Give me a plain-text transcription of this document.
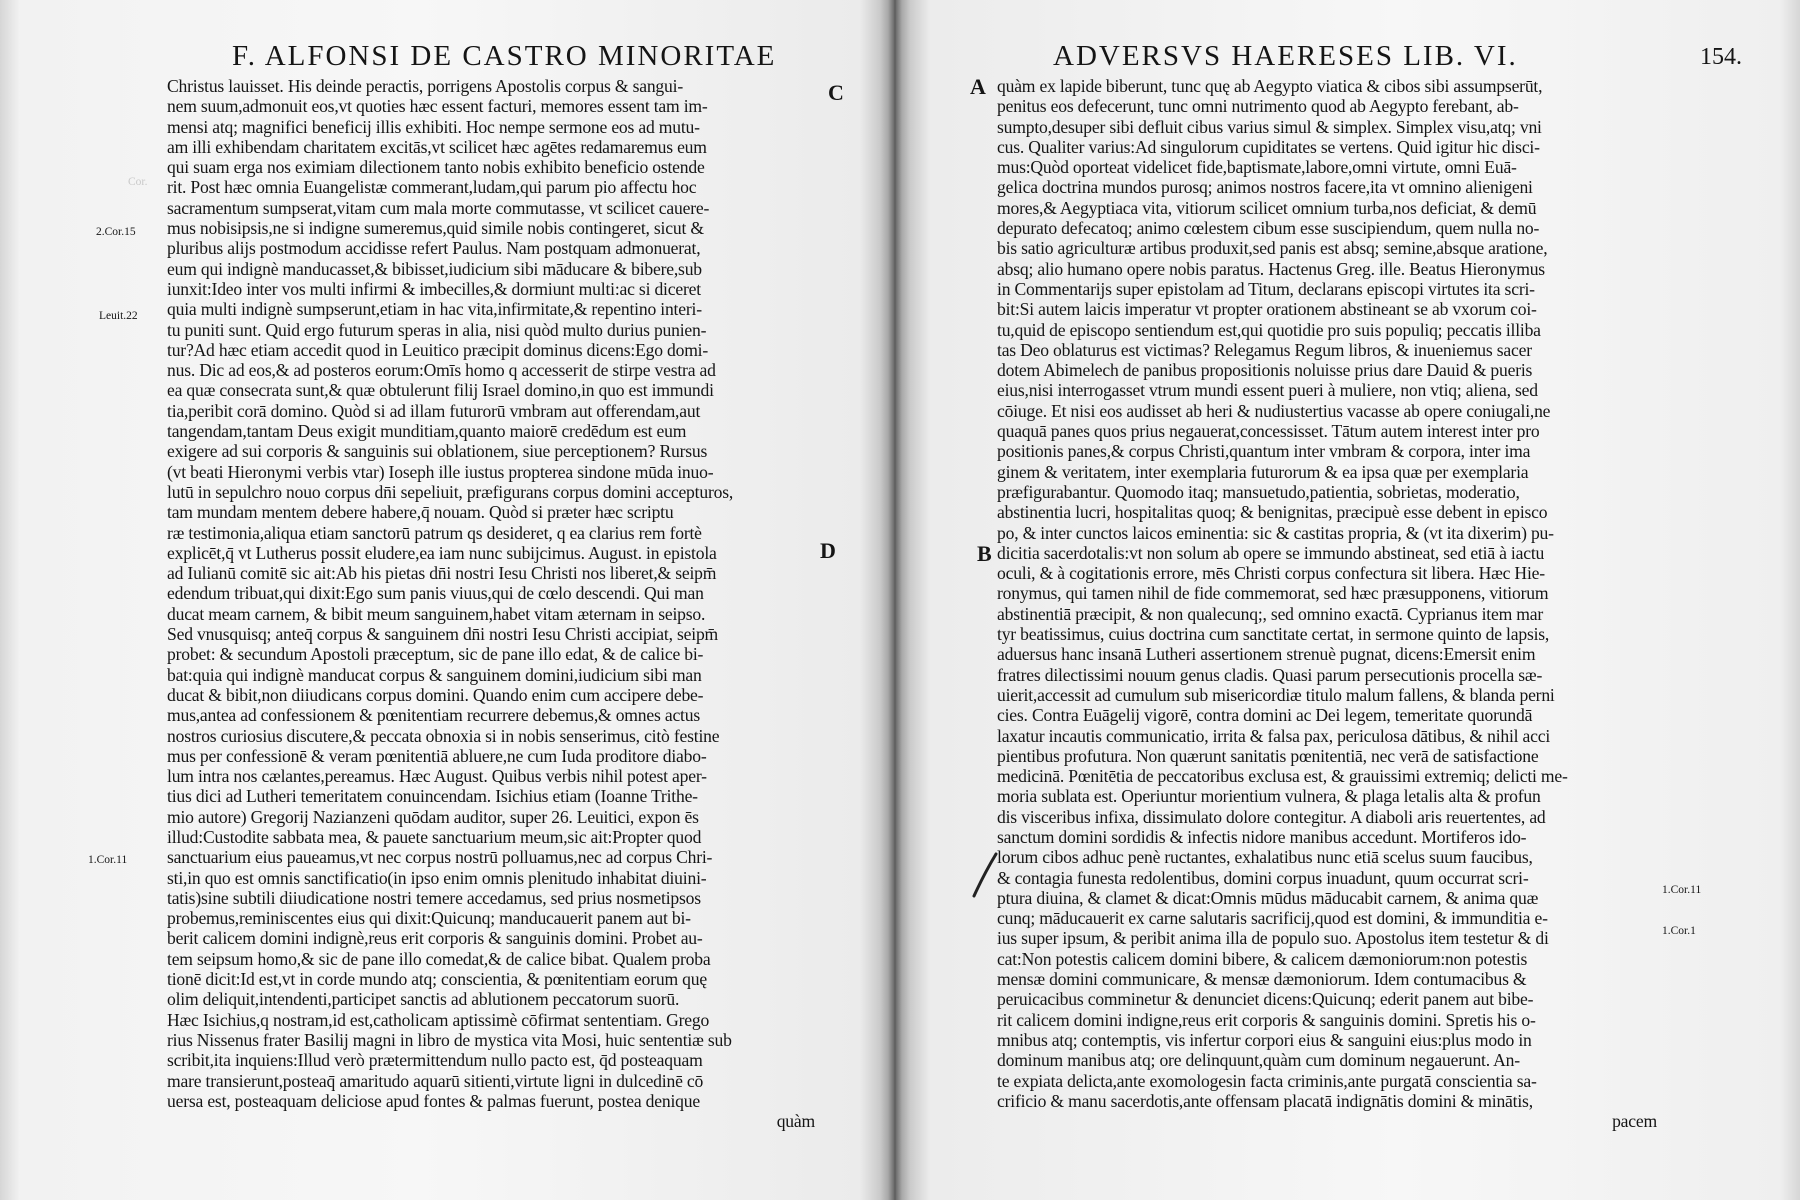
F. ALFONSI DE CASTRO MINORITAE
C
D
Cor.
2.Cor.15
Leuit.22
1.Cor.11
Christus lauisset. His deinde peractis, porrigens Apostolis corpus & sangui-
nem suum,admonuit eos,vt quoties hæc essent facturi, memores essent tam im-
mensi atq; magnifici beneficij illis exhibiti. Hoc nempe sermone eos ad mutu-
am illi exhibendam charitatem excitās,vt scilicet hæc agētes redamaremus eum
qui suam erga nos eximiam dilectionem tanto nobis exhibito beneficio ostende
rit. Post hæc omnia Euangelistæ commerant,ludam,qui parum pio affectu hoc
sacramentum sumpserat,vitam cum mala morte commutasse, vt scilicet cauere-
mus nobisipsis,ne si indigne sumeremus,quid simile nobis contingeret, sicut &
pluribus alijs postmodum accidisse refert Paulus. Nam postquam admonuerat,
eum qui indignè manducasset,& bibisset,iudicium sibi māducare & bibere,sub
iunxit:Ideo inter vos multi infirmi & imbecilles,& dormiunt multi:ac si diceret
quia multi indignè sumpserunt,etiam in hac vita,infirmitate,& repentino interi-
tu puniti sunt. Quid ergo futurum speras in alia, nisi quòd multo durius punien-
tur?Ad hæc etiam accedit quod in Leuitico præcipit dominus dicens:Ego domi-
nus. Dic ad eos,& ad posteros eorum:Omīs homo q accesserit de stirpe vestra ad
ea quæ consecrata sunt,& quæ obtulerunt filij Israel domino,in quo est immundi
tia,peribit corā domino. Quòd si ad illam futurorū vmbram aut offerendam,aut
tangendam,tantam Deus exigit munditiam,quanto maiorē credēdum est eum
exigere ad sui corporis & sanguinis sui oblationem, siue perceptionem? Rursus
(vt beati Hieronymi verbis vtar) Ioseph ille iustus propterea sindone mūda inuo-
lutū in sepulchro nouo corpus dn̄i sepeliuit, præfigurans corpus domini accepturos,
tam mundam mentem debere habere,q̄ nouam. Quòd si præter hæc scriptu
ræ testimonia,aliqua etiam sanctorū patrum qs desideret, q ea clarius rem fortè
explicēt,q̄ vt Lutherus possit eludere,ea iam nunc subijcimus. August. in epistola
ad Iulianū comitē sic ait:Ab his pietas dn̄i nostri Iesu Christi nos liberet,& seipm̄
edendum tribuat,qui dixit:Ego sum panis viuus,qui de cœlo descendi. Qui man
ducat meam carnem, & bibit meum sanguinem,habet vitam æternam in seipso.
Sed vnusquisq; anteq̄ corpus & sanguinem dn̄i nostri Iesu Christi accipiat, seipm̄
probet: & secundum Apostoli præceptum, sic de pane illo edat, & de calice bi-
bat:quia qui indignè manducat corpus & sanguinem domini,iudicium sibi man
ducat & bibit,non diiudicans corpus domini. Quando enim cum accipere debe-
mus,antea ad confessionem & pœnitentiam recurrere debemus,& omnes actus
nostros curiosius discutere,& peccata obnoxia si in nobis senserimus, citò festine
mus per confessionē & veram pœnitentiā abluere,ne cum Iuda proditore diabo-
lum intra nos cælantes,pereamus. Hæc August. Quibus verbis nihil potest aper-
tius dici ad Lutheri temeritatem conuincendam. Isichius etiam (Ioanne Trithe-
mio autore) Gregorij Nazianzeni quōdam auditor, super 26. Leuitici, expon ēs
illud:Custodite sabbata mea, & pauete sanctuarium meum,sic ait:Propter quod
sanctuarium eius paueamus,vt nec corpus nostrū polluamus,nec ad corpus Chri-
sti,in quo est omnis sanctificatio(in ipso enim omnis plenitudo inhabitat diuini-
tatis)sine subtili diiudicatione nostri temere accedamus, sed prius nosmetipsos
probemus,reminiscentes eius qui dixit:Quicunq; manducauerit panem aut bi-
berit calicem domini indignè,reus erit corporis & sanguinis domini. Probet au-
tem seipsum homo,& sic de pane illo comedat,& de calice bibat. Qualem proba
tionē dicit:Id est,vt in corde mundo atq; conscientia, & pœnitentiam eorum quę
olim deliquit,intendenti,participet sanctis ad ablutionem peccatorum suorū.
Hæc Isichius,q nostram,id est,catholicam aptissimè cōfirmat sententiam. Grego
rius Nissenus frater Basilij magni in libro de mystica vita Mosi, huic sententiæ sub
scribit,ita inquiens:Illud verò prætermittendum nullo pacto est, q̄d posteaquam
mare transierunt,posteaq̄ amaritudo aquarū sitienti,virtute ligni in dulcedinē cō
uersa est, posteaquam deliciose apud fontes & palmas fuerunt, postea denique
quàm
ADVERSVS HAERESES LIB. VI.	154.
A
B
1.Cor.11
1.Cor.1
quàm ex lapide biberunt, tunc quę ab Aegypto viatica & cibos sibi assumpserūt,
penitus eos defecerunt, tunc omni nutrimento quod ab Aegypto ferebant, ab-
sumpto,desuper sibi defluit cibus varius simul & simplex. Simplex visu,atq; vni
cus. Qualiter varius:Ad singulorum cupiditates se vertens. Quid igitur hic disci-
mus:Quòd oporteat videlicet fide,baptismate,labore,omni virtute, omni Euā-
gelica doctrina mundos purosq; animos nostros facere,ita vt omnino alienigeni
mores,& Aegyptiaca vita, vitiorum scilicet omnium turba,nos deficiat, & demū
depurato defecatoq; animo cœlestem cibum esse suscipiendum, quem nulla no-
bis satio agriculturæ artibus produxit,sed panis est absq; semine,absque aratione,
absq; alio humano opere nobis paratus. Hactenus Greg. ille. Beatus Hieronymus
in Commentarijs super epistolam ad Titum, declarans episcopi virtutes ita scri-
bit:Si autem laicis imperatur vt propter orationem abstineant se ab vxorum coi-
tu,quid de episcopo sentiendum est,qui quotidie pro suis populiq; peccatis illiba
tas Deo oblaturus est victimas? Relegamus Regum libros, & inueniemus sacer
dotem Abimelech de panibus propositionis noluisse prius dare Dauid & pueris
eius,nisi interrogasset vtrum mundi essent pueri à muliere, non vtiq; aliena, sed
cōiuge. Et nisi eos audisset ab heri & nudiustertius vacasse ab opere coniugali,ne
quaquā panes quos prius negauerat,concessisset. Tātum autem interest inter pro
positionis panes,& corpus Christi,quantum inter vmbram & corpora, inter ima
ginem & veritatem, inter exemplaria futurorum & ea ipsa quæ per exemplaria
præfigurabantur. Quomodo itaq; mansuetudo,patientia, sobrietas, moderatio,
abstinentia lucri, hospitalitas quoq; & benignitas, præcipuè esse debent in episco
po, & inter cunctos laicos eminentia: sic & castitas propria, & (vt ita dixerim) pu-
dicitia sacerdotalis:vt non solum ab opere se immundo abstineat, sed etiā à iactu
oculi, & à cogitationis errore, mēs Christi corpus confectura sit libera. Hæc Hie-
ronymus, qui tamen nihil de fide commemorat, sed hæc præsupponens, vitiorum
abstinentiā præcipit, & non qualecunq;, sed omnino exactā. Cyprianus item mar
tyr beatissimus, cuius doctrina cum sanctitate certat, in sermone quinto de lapsis,
aduersus hanc insanā Lutheri assertionem strenuè pugnat, dicens:Emersit enim
fratres dilectissimi nouum genus cladis. Quasi parum persecutionis procella sæ-
uierit,accessit ad cumulum sub misericordiæ titulo malum fallens, & blanda perni
cies. Contra Euāgelij vigorē, contra domini ac Dei legem, temeritate quorundā
laxatur incautis communicatio, irrita & falsa pax, periculosa dātibus, & nihil acci
pientibus profutura. Non quærunt sanitatis pœnitentiā, nec verā de satisfactione
medicinā. Pœnitētia de peccatoribus exclusa est, & grauissimi extremiq; delicti me-
moria sublata est. Operiuntur morientium vulnera, & plaga letalis alta & profun
dis visceribus infixa, dissimulato dolore contegitur. A diaboli aris reuertentes, ad
sanctum domini sordidis & infectis nidore manibus accedunt. Mortiferos ido-
lorum cibos adhuc penè ructantes, exhalatibus nunc etiā scelus suum faucibus,
& contagia funesta redolentibus, domini corpus inuadunt, quum occurrat scri-
ptura diuina, & clamet & dicat:Omnis mūdus māducabit carnem, & anima quæ
cunq; māducauerit ex carne salutaris sacrificij,quod est domini, & immunditia e-
ius super ipsum, & peribit anima illa de populo suo. Apostolus item testetur & di
cat:Non potestis calicem domini bibere, & calicem dæmoniorum:non potestis
mensæ domini communicare, & mensæ dæmoniorum. Idem contumacibus &
peruicacibus comminetur & denunciet dicens:Quicunq; ederit panem aut bibe-
rit calicem domini indigne,reus erit corporis & sanguinis domini. Spretis his o-
mnibus atq; contemptis, vis infertur corpori eius & sanguini eius:plus modo in
dominum manibus atq; ore delinquunt,quàm cum dominum negauerunt. An-
te expiata delicta,ante exomologesin facta criminis,ante purgatā conscientia sa-
crificio & manu sacerdotis,ante offensam placatā indignātis domini & minātis,
pacem
